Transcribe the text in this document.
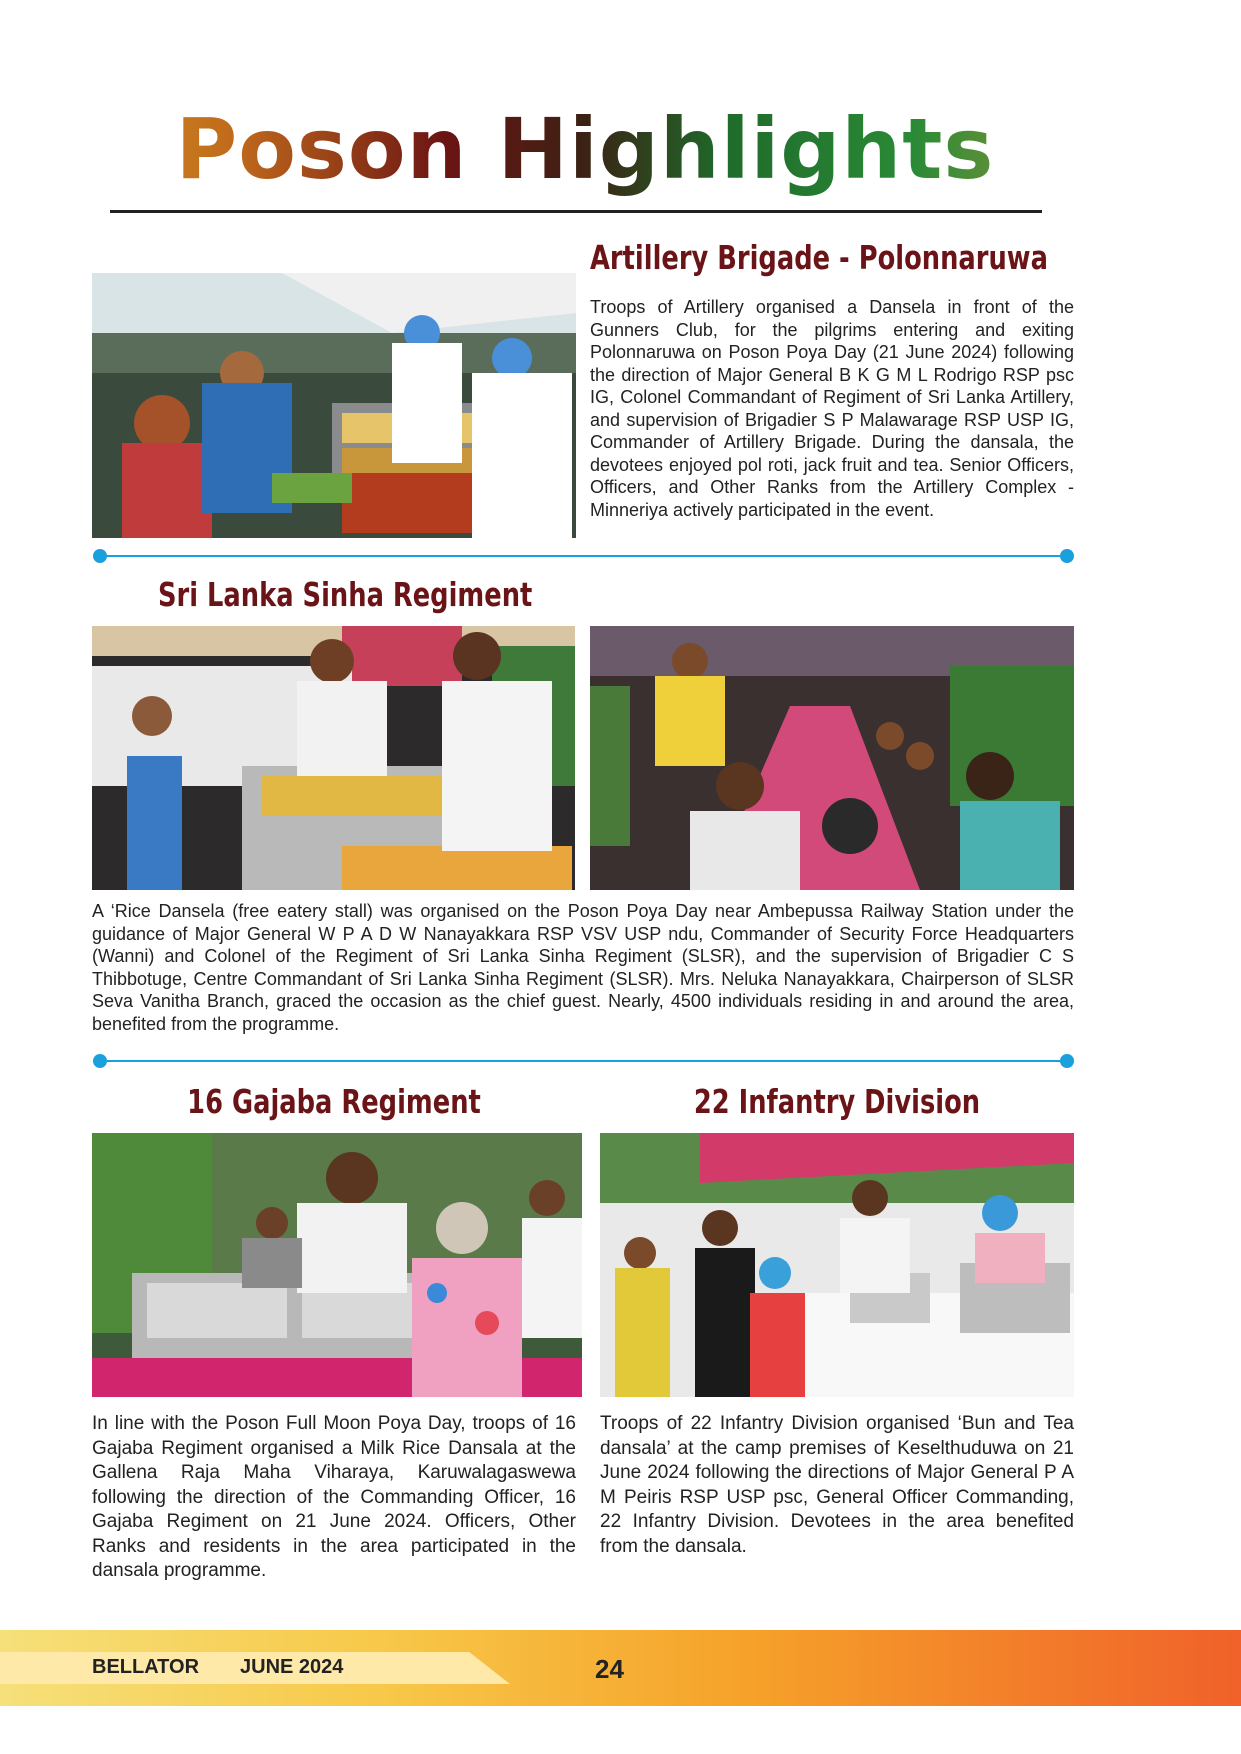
Poson Highlights
Artillery Brigade - Polonnaruwa
Troops of Artillery organised a Dansela in front of the Gunners Club, for the pilgrims entering and exiting Polonnaruwa on Poson Poya Day (21 June 2024) following the direction of Major General B K G M L Rodrigo RSP psc IG, Colonel Commandant of Regiment of Sri Lanka Artillery, and supervision of Brigadier S P Malawarage RSP USP IG, Commander of Artillery Brigade. During the dansala, the devotees enjoyed pol roti, jack fruit and tea. Senior Officers, Officers, and Other Ranks from the Artillery Complex - Minneriya actively participated in the event.
Sri Lanka Sinha Regiment
A ‘Rice Dansela (free eatery stall) was organised on the Poson Poya Day near Ambepussa Railway Station under the guidance of Major General W P A D W Nanayakkara RSP VSV USP ndu, Commander of Security Force Headquarters (Wanni) and Colonel of the Regiment of Sri Lanka Sinha Regiment (SLSR), and the supervision of Brigadier C S Thibbotuge, Centre Commandant of Sri Lanka Sinha Regiment (SLSR). Mrs. Neluka Nanayakkara, Chairperson of SLSR Seva Vanitha Branch, graced the occasion as the chief guest. Nearly, 4500 individuals residing in and around the area, benefited from the programme.
16 Gajaba Regiment	22 Infantry Division
In line with the Poson Full Moon Poya Day, troops of 16 Gajaba Regiment organised a Milk Rice Dansala at the Gallena Raja Maha Viharaya, Karuwalagaswewa following the direction of the Commanding Officer, 16 Gajaba Regiment on 21 June 2024. Officers, Other Ranks and residents in the area participated in the dansala programme.
Troops of 22 Infantry Division organised ‘Bun and Tea dansala’ at the camp premises of Keselthuduwa on 21 June 2024 following the directions of Major General P A M Peiris RSP USP psc, General Officer Commanding, 22 Infantry Division. Devotees in the area benefited from the dansala.
BELLATOR JUNE 2024	24
